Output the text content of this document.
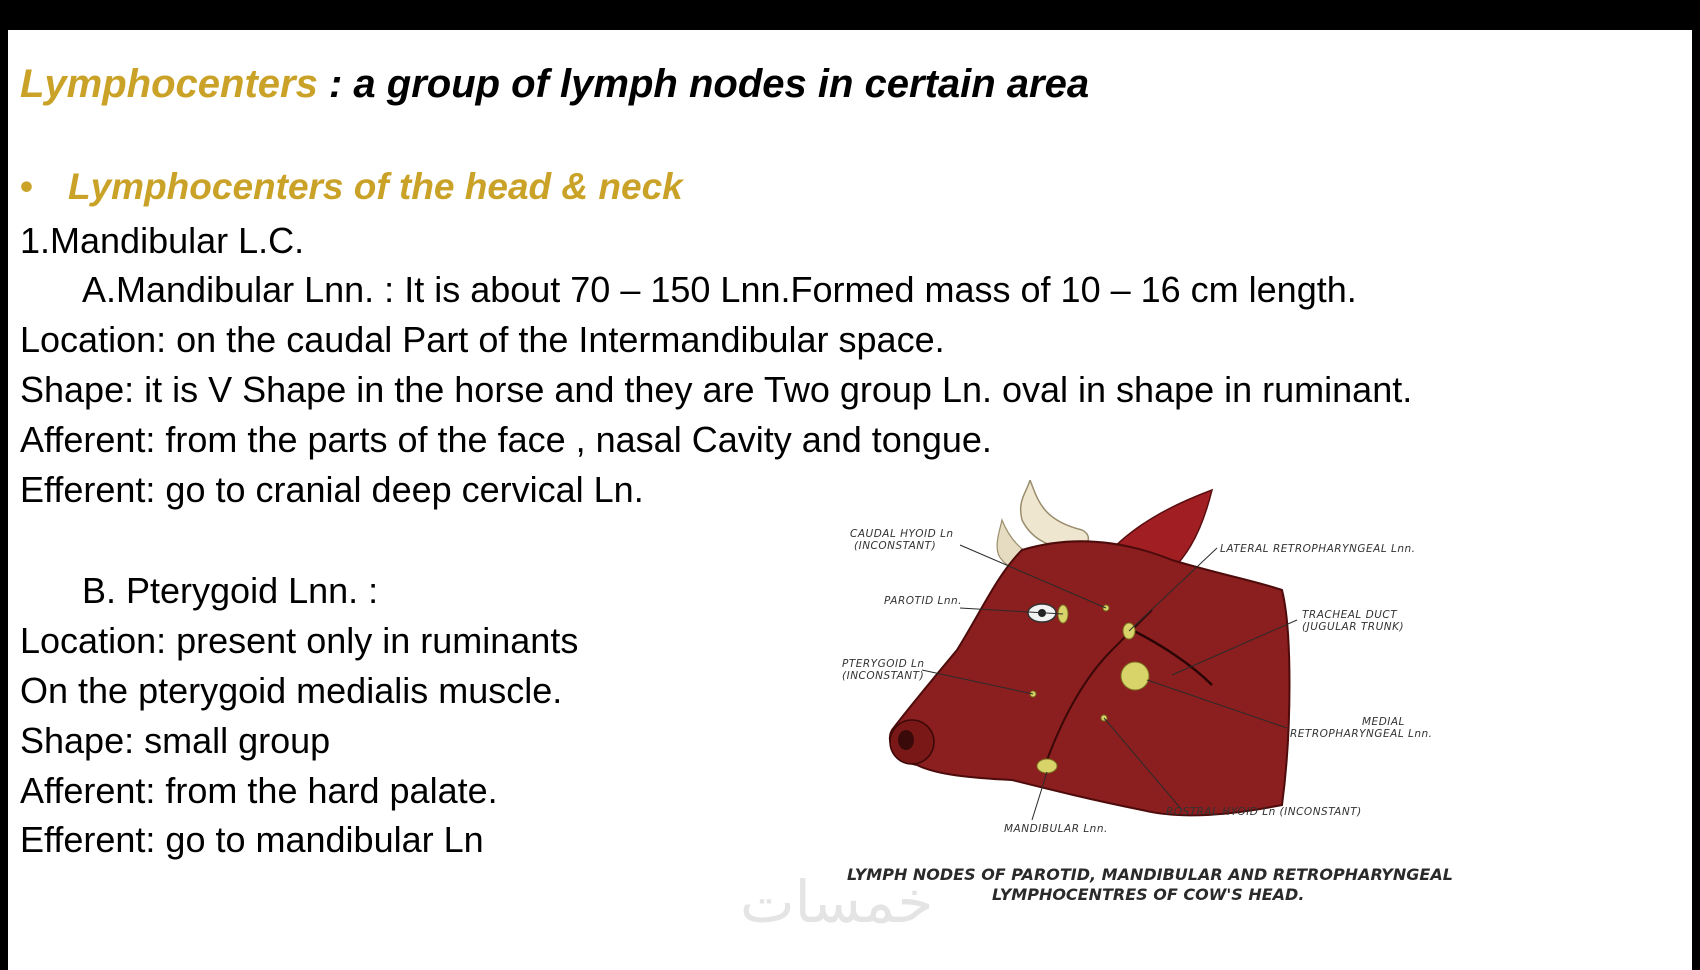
Lymphocenters : a group of lymph nodes in certain area
• Lymphocenters of the head & neck
1.Mandibular L.C.
A.Mandibular Lnn. : It is about 70 – 150 Lnn.Formed mass of 10 – 16 cm length.
Location: on the caudal Part of the Intermandibular space.
Shape: it is V Shape in the horse and they are Two group Ln. oval in shape in ruminant.
Afferent: from the parts of the face , nasal Cavity and tongue.
Efferent: go to cranial deep cervical Ln.
B. Pterygoid Lnn. :
Location: present only in ruminants
On the pterygoid medialis muscle.
Shape: small group
Afferent: from the hard palate.
Efferent: go to mandibular Ln
خمسات
CAUDAL HYOID Ln
(INCONSTANT)
PAROTID Lnn.
PTERYGOID Ln
(INCONSTANT)
MANDIBULAR Lnn.
LATERAL RETROPHARYNGEAL Lnn.
TRACHEAL DUCT
(JUGULAR TRUNK)
MEDIAL
RETROPHARYNGEAL Lnn.
ROSTRAL HYOID Ln (INCONSTANT)
LYMPH NODES OF PAROTID, MANDIBULAR AND RETROPHARYNGEAL
LYMPHOCENTRES OF COW'S HEAD.
